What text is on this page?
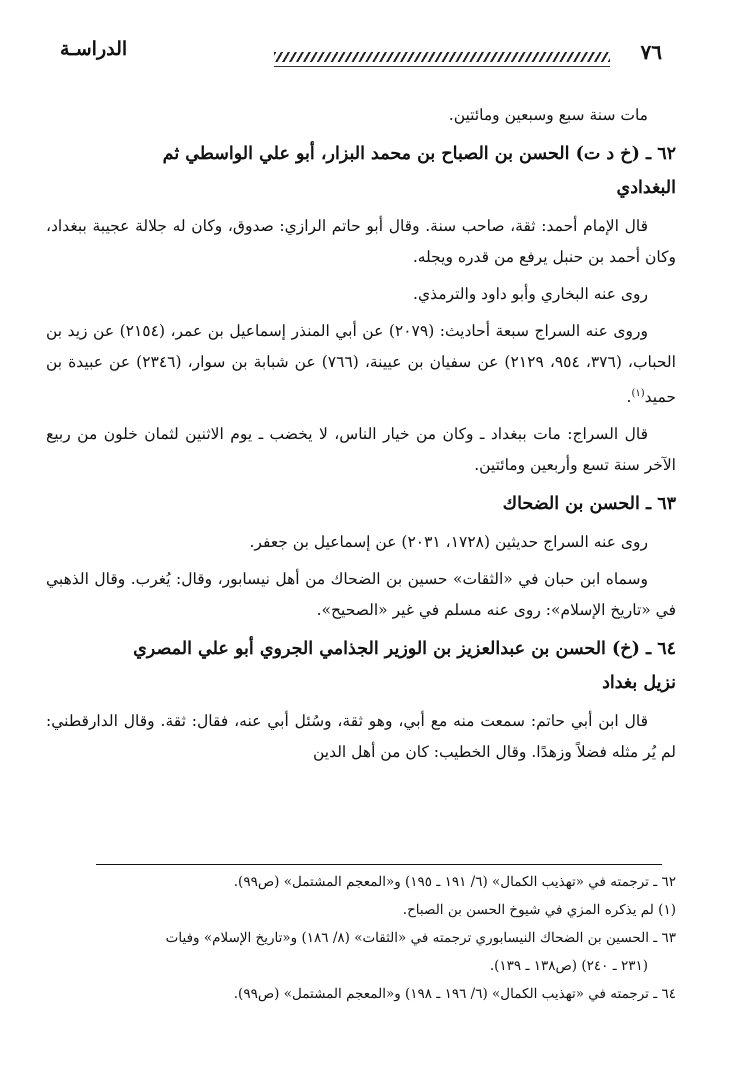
٧٦
الدراسـة

مات سنة سبع وسبعين ومائتين.

٦٢ ـ (خ د ت) الحسن بن الصباح بن محمد البزار، أبو علي الواسطي ثم
البغدادي

قال الإمام أحمد: ثقة، صاحب سنة. وقال أبو حاتم الرازي: صدوق، وكان له جلالة عجيبة ببغداد، وكان أحمد بن حنبل يرفع من قدره ويجله.

روى عنه البخاري وأبو داود والترمذي.

وروى عنه السراج سبعة أحاديث: (٢٠٧٩) عن أبي المنذر إسماعيل بن عمر، (٢١٥٤) عن زيد بن الحباب، (٣٧٦، ٩٥٤، ٢١٢٩) عن سفيان بن عيينة، (٧٦٦) عن شبابة بن سوار، (٢٣٤٦) عن عبيدة بن حميد$^{(١)}$.

قال السراج: مات ببغداد ـ وكان من خيار الناس، لا يخضب ـ يوم الاثنين لثمان خلون من ربيع الآخر سنة تسع وأربعين ومائتين.

٦٣ ـ الحسن بن الضحاك

روى عنه السراج حديثين (١٧٢٨، ٢٠٣١) عن إسماعيل بن جعفر.

وسماه ابن حبان في «الثقات» حسين بن الضحاك من أهل نيسابور، وقال: يُغرب. وقال الذهبي في «تاريخ الإسلام»: روى عنه مسلم في غير «الصحيح».

٦٤ ـ (خ) الحسن بن عبدالعزيز بن الوزير الجذامي الجروي أبو علي المصري
نزيل بغداد

قال ابن أبي حاتم: سمعت منه مع أبي، وهو ثقة، وسُئل أبي عنه، فقال: ثقة. وقال الدارقطني: لم يُر مثله فضلاً وزهدًا. وقال الخطيب: كان من أهل الدين

٦٢ ـ ترجمته في «تهذيب الكمال» (٦/ ١٩١ ـ ١٩٥) و«المعجم المشتمل» (ص٩٩).

(١) لم يذكره المزي في شيوخ الحسن بن الصباح.

٦٣ ـ الحسين بن الضحاك النيسابوري ترجمته في «الثقات» (٨/ ١٨٦) و«تاريخ الإسلام» وفيات

(٢٣١ ـ ٢٤٠) (ص١٣٨ ـ ١٣٩).

٦٤ ـ ترجمته في «تهذيب الكمال» (٦/ ١٩٦ ـ ١٩٨) و«المعجم المشتمل» (ص٩٩).
